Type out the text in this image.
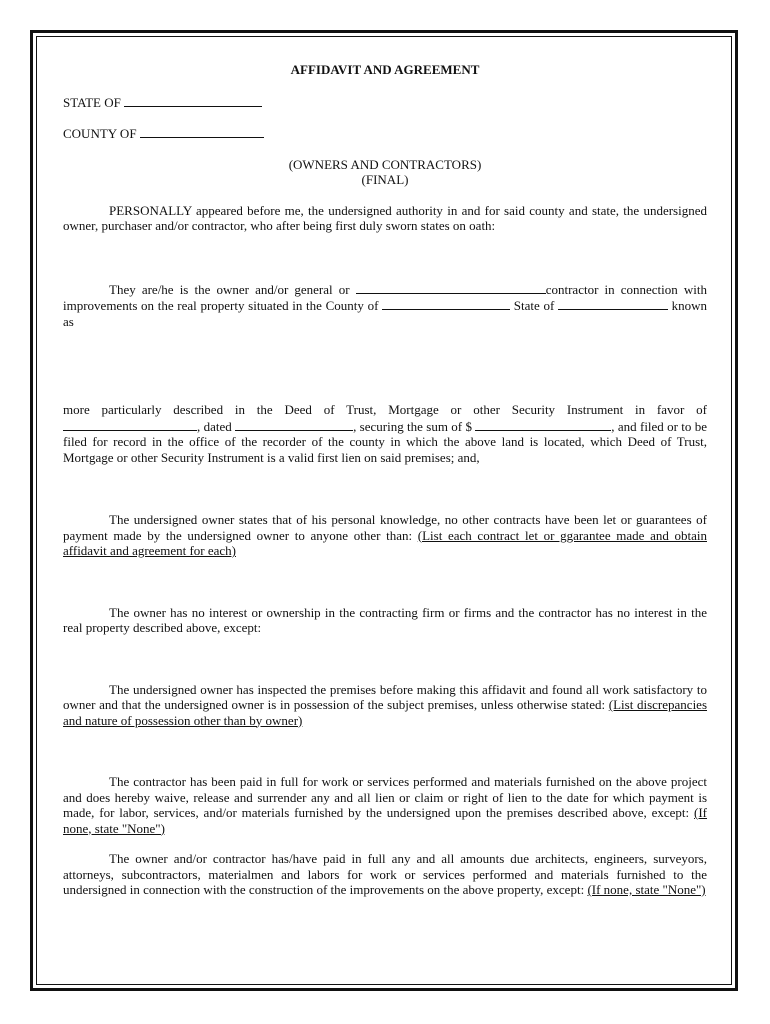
AFFIDAVIT AND AGREEMENT

STATE OF

COUNTY OF

(OWNERS AND CONTRACTORS)

(FINAL)

PERSONALLY appeared before me, the undersigned authority in and for said county and state, the undersigned owner, purchaser and/or contractor, who after being first duly sworn states on oath:

They are/he is the owner and/or general or	contractor in connection with improvements on the real property situated in the County of	State of	known as

more particularly described in the Deed of Trust, Mortgage or other Security Instrument in favor of , dated	, securing the sum of $	, and filed or to be filed for record in the office of the recorder of the county in which the above land is located, which Deed of Trust, Mortgage or other Security Instrument is a valid first lien on said premises; and,

The undersigned owner states that of his personal knowledge, no other contracts have been let or guarantees of payment made by the undersigned owner to anyone other than: (List each contract let or ggarantee made and obtain affidavit and agreement for each)

The owner has no interest or ownership in the contracting firm or firms and the contractor has no interest in the real property described above, except:

The undersigned owner has inspected the premises before making this affidavit and found all work satisfactory to owner and that the undersigned owner is in possession of the subject premises, unless otherwise stated: (List discrepancies and nature of possession other than by owner)

The contractor has been paid in full for work or services performed and materials furnished on the above project and does hereby waive, release and surrender any and all lien or claim or right of lien to the date for which payment is made, for labor, services, and/or materials furnished by the undersigned upon the premises described above, except: (If none, state "None")

The owner and/or contractor has/have paid in full any and all amounts due architects, engineers, surveyors, attorneys, subcontractors, materialmen and labors for work or services performed and materials furnished to the undersigned in connection with the construction of the improvements on the above property, except: (If none, state "None")
